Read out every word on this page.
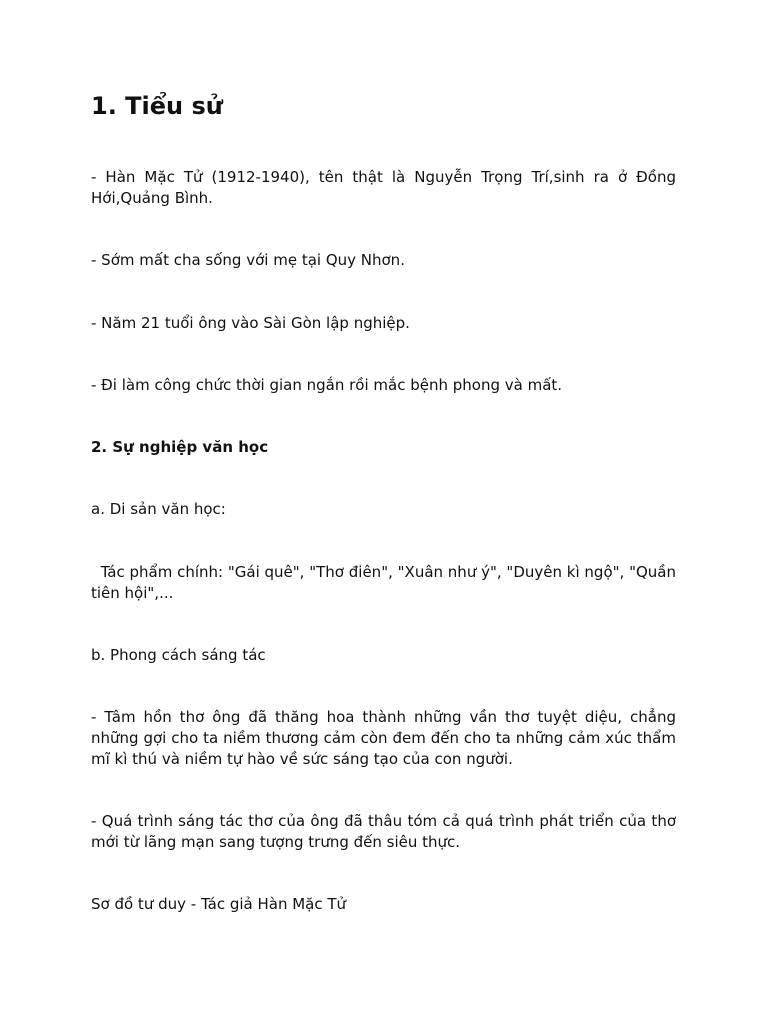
1. Tiểu sử

- Hàn Mặc Tử (1912-1940), tên thật là Nguyễn Trọng Trí,sinh ra ở Đồng Hới,Quảng Bình.

- Sớm mất cha sống với mẹ tại Quy Nhơn.

- Năm 21 tuổi ông vào Sài Gòn lập nghiệp.

- Đi làm công chức thời gian ngắn rồi mắc bệnh phong và mất.

2. Sự nghiệp văn học

a. Di sản văn học:

Tác phẩm chính: "Gái quê", "Thơ điên", "Xuân như ý", "Duyên kì ngộ", "Quần tiên hội",...

b. Phong cách sáng tác

- Tâm hồn thơ ông đã thăng hoa thành những vần thơ tuyệt diệu, chẳng những gợi cho ta niềm thương cảm còn đem đến cho ta những cảm xúc thẩm mĩ kì thú và niềm tự hào về sức sáng tạo của con người.

- Quá trình sáng tác thơ của ông đã thâu tóm cả quá trình phát triển của thơ mới từ lãng mạn sang tượng trưng đến siêu thực.

Sơ đồ tư duy - Tác giả Hàn Mặc Tử
